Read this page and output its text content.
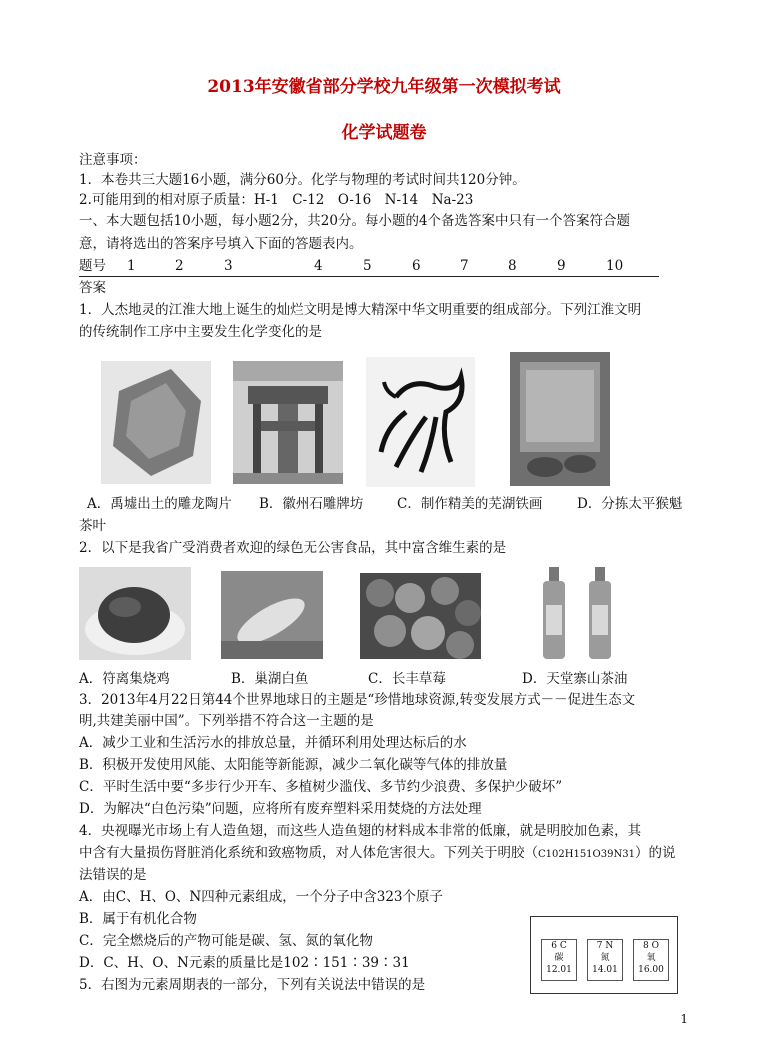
2013年安徽省部分学校九年级第一次模拟考试
化学试题卷
注意事项：
1．本卷共三大题16小题，满分60分。化学与物理的考试时间共120分钟。
2.可能用到的相对原子质量：H-1　C-12　O-16　N-14　Na-23
一、本大题包括10小题，每小题2分，共20分。每小题的4个备选答案中只有一个答案符合题
意，请将选出的答案序号填入下面的答题表内。
题号 1	2	3	4	5	6	7	8	9	10
答案
1．人杰地灵的江淮大地上诞生的灿烂文明是博大精深中华文明重要的组成部分。下列江淮文明
的传统制作工序中主要发生化学变化的是
A．禹墟出土的雕龙陶片 B．徽州石雕牌坊 C．制作精美的芜湖铁画	D．分拣太平猴魁
茶叶
2．以下是我省广受消费者欢迎的绿色无公害食品，其中富含维生素的是
A．符离集烧鸡	B．巢湖白鱼	C．长丰草莓	D．天堂寨山茶油
3．2013年4月22日第44个世界地球日的主题是“珍惜地球资源,转变发展方式－－促进生态文
明,共建美丽中国”。下列举措不符合这一主题的是
A．减少工业和生活污水的排放总量，并循环利用处理达标后的水
B．积极开发使用风能、太阳能等新能源，减少二氧化碳等气体的排放量
C．平时生活中要“多步行少开车、多植树少滥伐、多节约少浪费、多保护少破坏”
D．为解决“白色污染”问题，应将所有废弃塑料采用焚烧的方法处理
4．央视曝光市场上有人造鱼翅，而这些人造鱼翅的材料成本非常的低廉，就是明胶加色素，其
中含有大量损伤肾脏消化系统和致癌物质，对人体危害很大。下列关于明胶（C102H151O39N31）的说
法错误的是
A．由C、H、O、N四种元素组成，一个分子中含323个原子
B．属于有机化合物
C．完全燃烧后的产物可能是碳、氢、氮的氧化物
D．C、H、O、N元素的质量比是102∶151∶39∶31
5．右图为元素周期表的一部分，下列有关说法中错误的是
6 C
碳
12.01
7 N
氮
14.01
8 O
氧
16.00
1
